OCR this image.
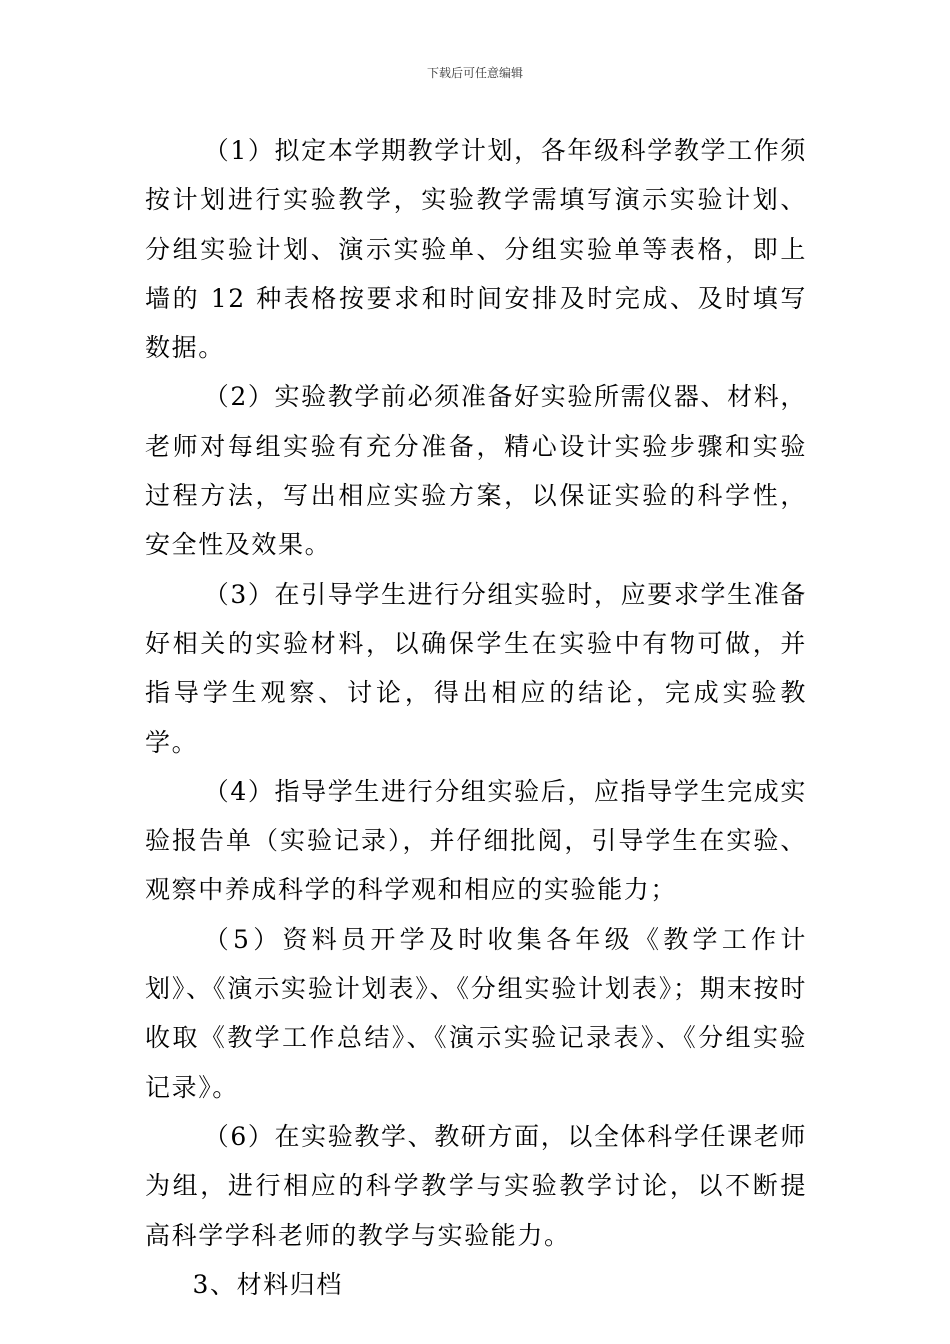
下载后可任意编辑

（1）拟定本学期教学计划，各年级科学教学工作须按计划进行实验教学，实验教学需填写演示实验计划、分组实验计划、演示实验单、分组实验单等表格，即上墙的 12 种表格按要求和时间安排及时完成、及时填写数据。

（2）实验教学前必须准备好实验所需仪器、材料，老师对每组实验有充分准备，精心设计实验步骤和实验过程方法，写出相应实验方案，以保证实验的科学性，安全性及效果。

（3）在引导学生进行分组实验时，应要求学生准备好相关的实验材料，以确保学生在实验中有物可做，并指导学生观察、讨论，得出相应的结论，完成实验教学。

（4）指导学生进行分组实验后，应指导学生完成实验报告单（实验记录），并仔细批阅，引导学生在实验、观察中养成科学的科学观和相应的实验能力；

（5）资料员开学及时收集各年级《教学工作计划》、《演示实验计划表》、《分组实验计划表》；期末按时收取《教学工作总结》、《演示实验记录表》、《分组实验记录》。

（6）在实验教学、教研方面，以全体科学任课老师为组，进行相应的科学教学与实验教学讨论，以不断提高科学学科老师的教学与实验能力。

3、材料归档
